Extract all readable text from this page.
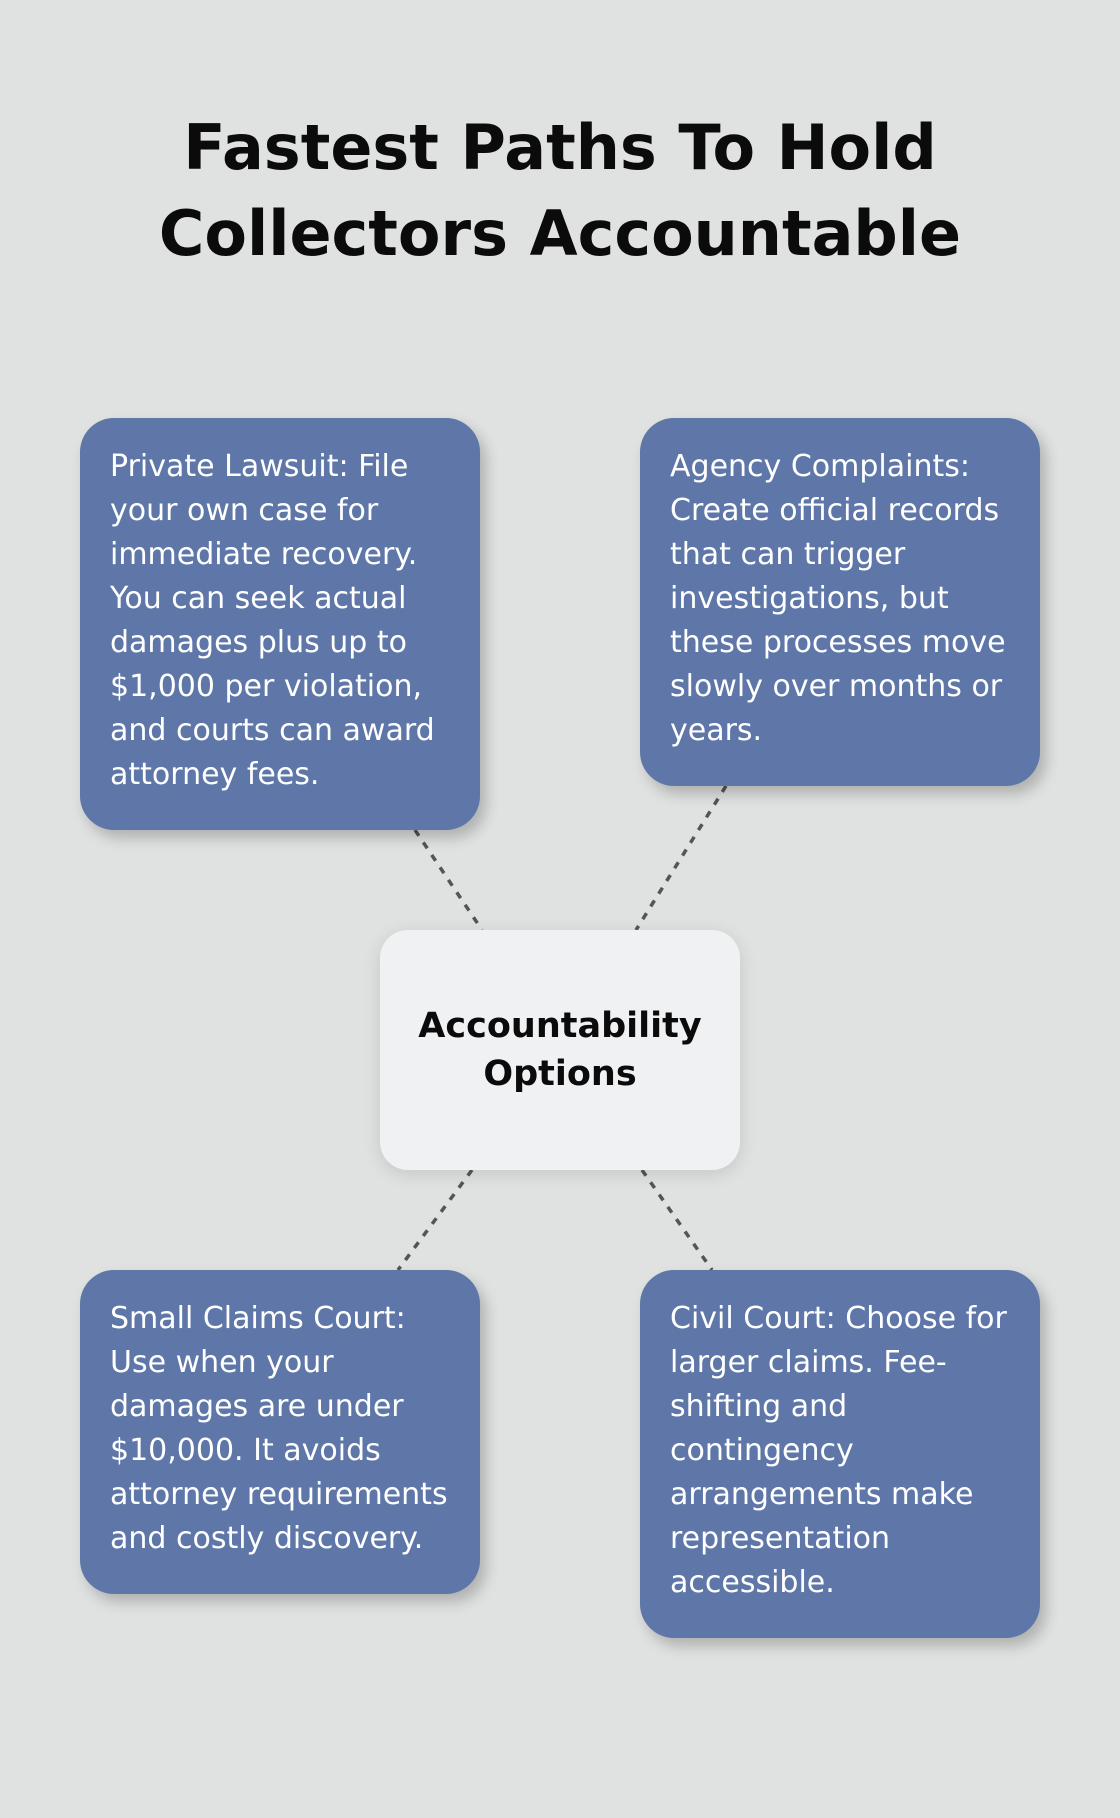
Fastest Paths To Hold
Collectors Accountable
Private Lawsuit: File your own case for immediate recovery. You can seek actual damages plus up to $1,000 per violation, and courts can award attorney fees.
Agency Complaints: Create official records that can trigger investigations, but these processes move slowly over months or years.
Accountability
Options
Small Claims Court: Use when your damages are under $10,000. It avoids attorney requirements and costly discovery.
Civil Court: Choose for larger claims. Fee-shifting and contingency arrangements make representation accessible.
